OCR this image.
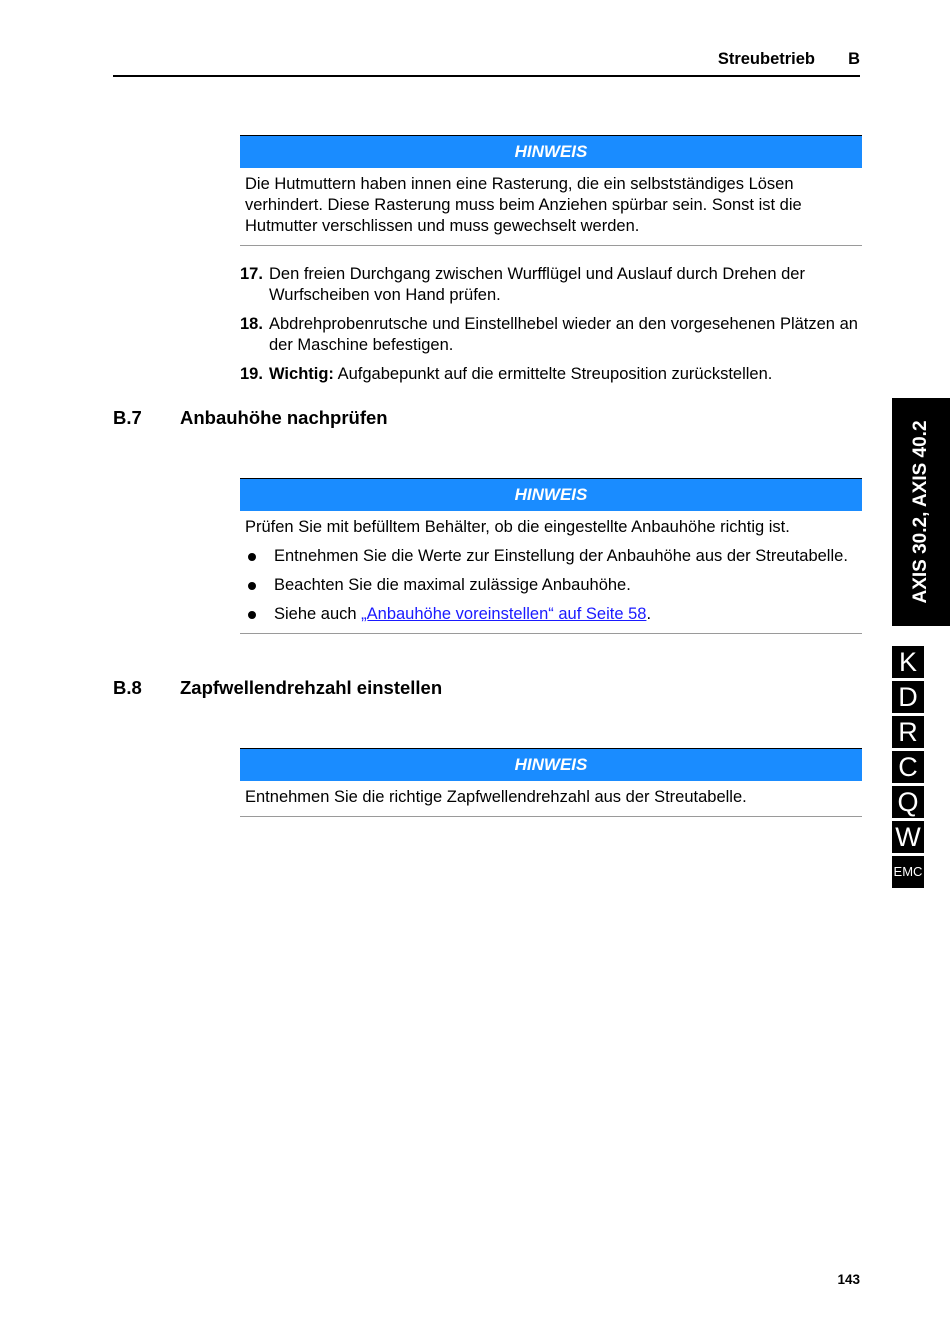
Streubetrieb B
HINWEIS

Die Hutmuttern haben innen eine Rasterung, die ein selbstständiges Lösen verhindert. Diese Rasterung muss beim Anziehen spürbar sein. Sonst ist die Hutmutter verschlissen und muss gewechselt werden.

17. Den freien Durchgang zwischen Wurfflügel und Auslauf durch Drehen der Wurfscheiben von Hand prüfen.
18. Abdrehprobenrutsche und Einstellhebel wieder an den vorgesehenen Plätzen an der Maschine befestigen.
19. Wichtig: Aufgabepunkt auf die ermittelte Streuposition zurückstellen.
B.7 Anbauhöhe nachprüfen
HINWEIS

Prüfen Sie mit befülltem Behälter, ob die eingestellte Anbauhöhe richtig ist.

Entnehmen Sie die Werte zur Einstellung der Anbauhöhe aus der Streutabelle.
Beachten Sie die maximal zulässige Anbauhöhe.
Siehe auch „Anbauhöhe voreinstellen“ auf Seite 58.
B.8 Zapfwellendrehzahl einstellen
HINWEIS

Entnehmen Sie die richtige Zapfwellendrehzahl aus der Streutabelle.

AXIS 30.2, AXIS 40.2
K
D
R
C
Q
W
EMC
143
